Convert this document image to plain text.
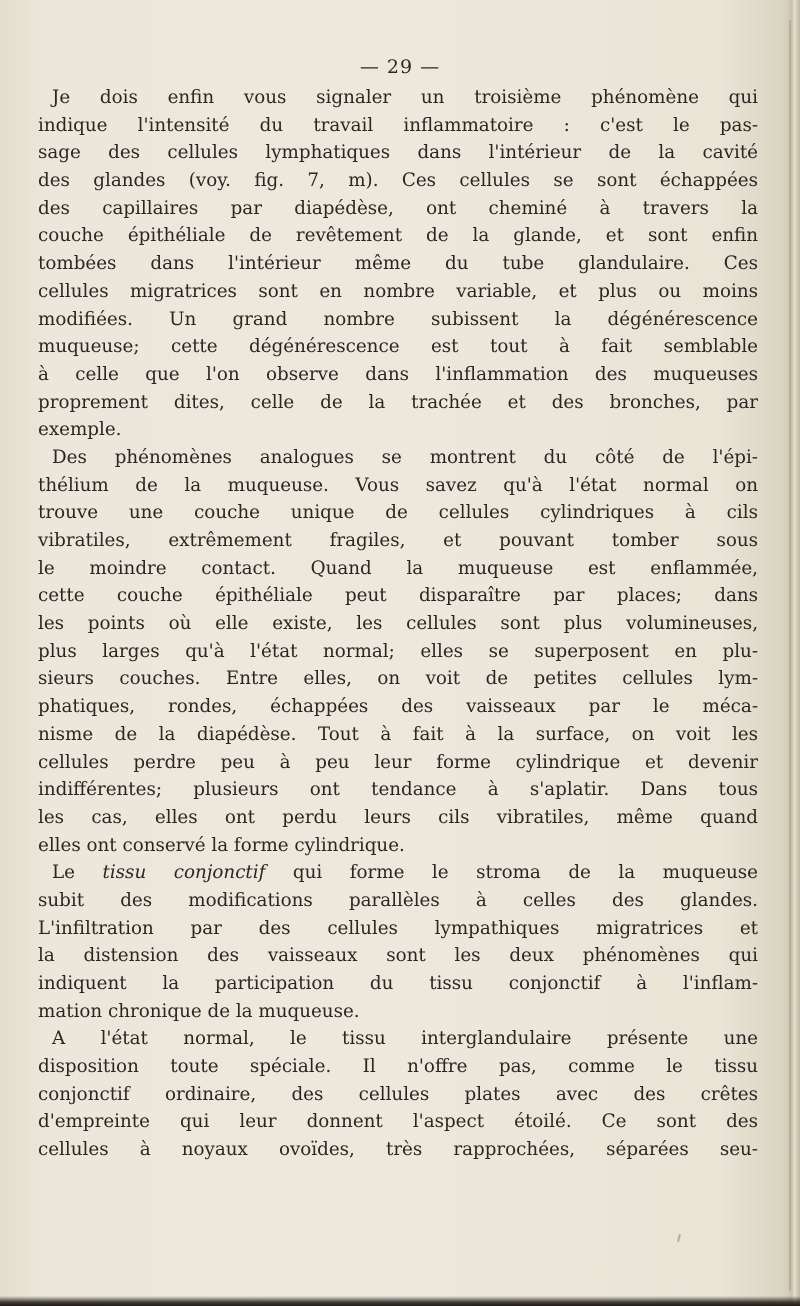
— 29 —
Je dois enfin vous signaler un troisième phénomène qui
indique l'intensité du travail inflammatoire : c'est le pas-
sage des cellules lymphatiques dans l'intérieur de la cavité
des glandes (voy. fig. 7, m). Ces cellules se sont échappées
des capillaires par diapédèse, ont cheminé à travers la
couche épithéliale de revêtement de la glande, et sont enfin
tombées dans l'intérieur même du tube glandulaire. Ces
cellules migratrices sont en nombre variable, et plus ou moins
modifiées. Un grand nombre subissent la dégénérescence
muqueuse; cette dégénérescence est tout à fait semblable
à celle que l'on observe dans l'inflammation des muqueuses
proprement dites, celle de la trachée et des bronches, par
exemple.
Des phénomènes analogues se montrent du côté de l'épi-
thélium de la muqueuse. Vous savez qu'à l'état normal on
trouve une couche unique de cellules cylindriques à cils
vibratiles, extrêmement fragiles, et pouvant tomber sous
le moindre contact. Quand la muqueuse est enflammée,
cette couche épithéliale peut disparaître par places; dans
les points où elle existe, les cellules sont plus volumineuses,
plus larges qu'à l'état normal; elles se superposent en plu-
sieurs couches. Entre elles, on voit de petites cellules lym-
phatiques, rondes, échappées des vaisseaux par le méca-
nisme de la diapédèse. Tout à fait à la surface, on voit les
cellules perdre peu à peu leur forme cylindrique et devenir
indifférentes; plusieurs ont tendance à s'aplatir. Dans tous
les cas, elles ont perdu leurs cils vibratiles, même quand
elles ont conservé la forme cylindrique.
Le tissu conjonctif qui forme le stroma de la muqueuse
subit des modifications parallèles à celles des glandes.
L'infiltration par des cellules lympathiques migratrices et
la distension des vaisseaux sont les deux phénomènes qui
indiquent la participation du tissu conjonctif à l'inflam-
mation chronique de la muqueuse.
A l'état normal, le tissu interglandulaire présente une
disposition toute spéciale. Il n'offre pas, comme le tissu
conjonctif ordinaire, des cellules plates avec des crêtes
d'empreinte qui leur donnent l'aspect étoilé. Ce sont des
cellules à noyaux ovoïdes, très rapprochées, séparées seu-
